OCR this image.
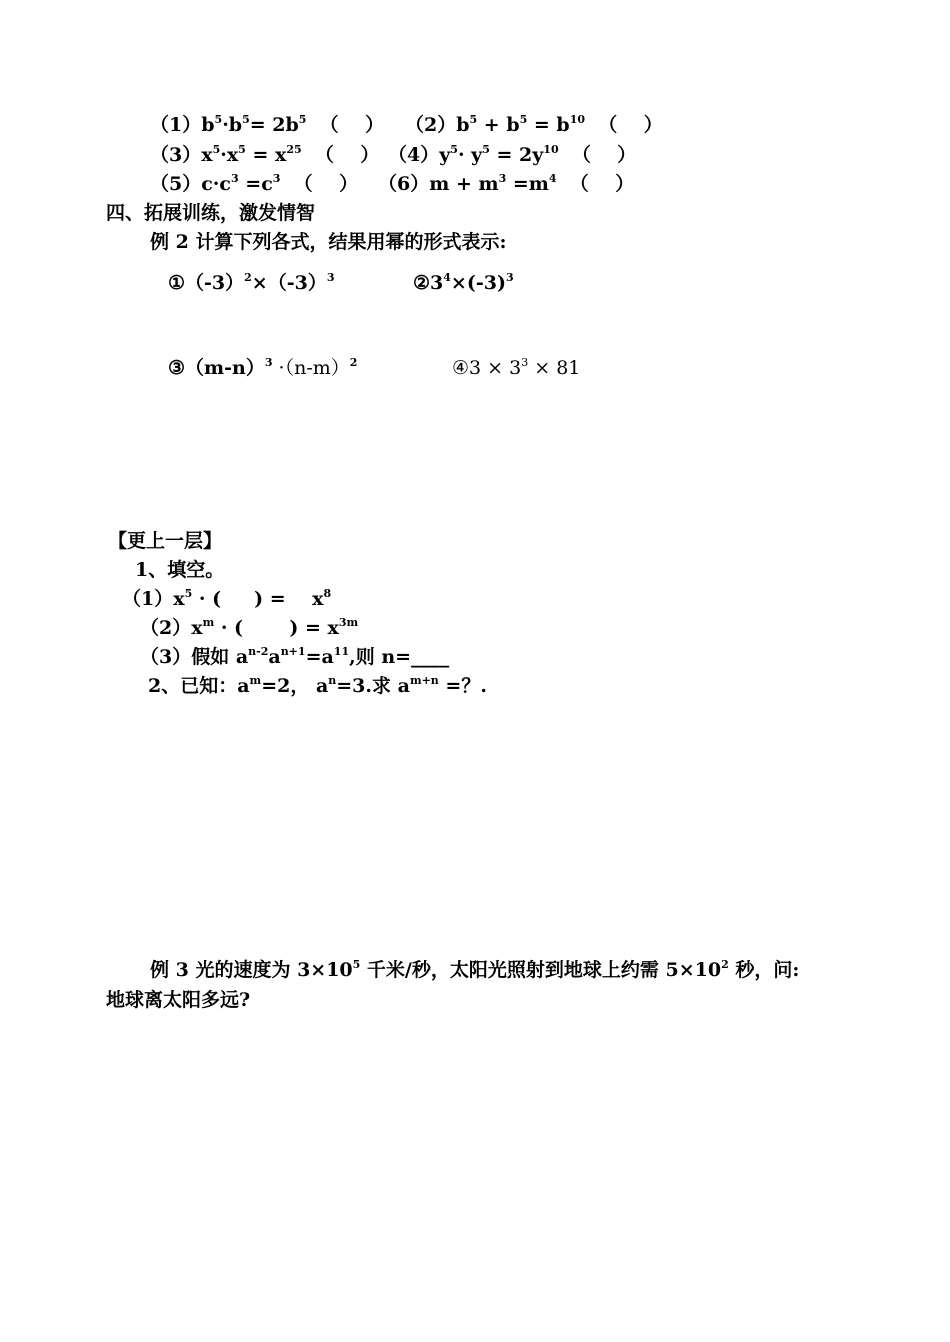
$(1)b^5\cdot b^5= 2b^5$  （    ） $(2)b^5 + b^5 = b^{10}$  （    ）
$(3)x^5\cdot x^5 = x^{25}$  （    ） $(4)y^5\cdot y^5 = 2y^{10}$  （    ）
$(5)c\cdot c^3 =c^3$  （    ） $(6)m + m^3 =m^4$  （    ）
四、拓展训练，激发情智
例 2 计算下列各式，结果用幂的形式表示:
$①(-3)^2\times(-3)^3$	$②3^4\times(-3)^3$
$③(m-n)^3 \cdot(n-m)^2$	④3 × $3^3 \times 81$
【更上一层】
1、填空。
$(1)x^5$ · (     ) =    $x^8$
$(2)x^m$ · (       ) = $x^{3m}$
（3）假如 $a^{n-2}a^{n+1}=a^{11}$,则 n=____
2、已知：$a^m=2$， $a^n=3$.求 $a^{m+n}$ =？.
例 3 光的速度为 $3\times 10^5$ 千米/秒，太阳光照射到地球上约需 $5\times 10^2$ 秒，问:
地球离太阳多远?
